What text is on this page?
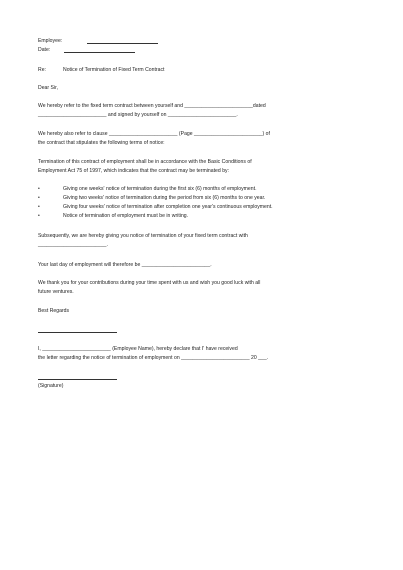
Employee:
Date:
Re:	Notice of Termination of Fixed Term Contract
Dear Sir,
We hereby refer to the fixed term contract between yourself and ________________________dated
________________________ and signed by yourself on ________________________.
We hereby also refer to clause ________________________ (Page ________________________) of
the contract that stipulates the following terms of notice:
Termination of this contract of employment shall be in accordance with the Basic Conditions of
Employment Act 75 of 1997, which indicates that the contract may be terminated by:
•	Giving one weeks' notice of termination during the first six (6) months of employment.
•	Giving two weeks' notice of termination during the period from six (6) months to one year.
•	Giving four weeks' notice of termination after completion one year's continuous employment.
•	Notice of termination of employment must be in writing.
Subsequently, we are hereby giving you notice of termination of your fixed term contract with
________________________.
Your last day of employment will therefore be ________________________.
We thank you for your contributions during your time spent with us and wish you good luck with all
future ventures.
Best Regards
I, ________________________ (Employee Name), hereby declare that I' have received
the letter regarding the notice of termination of employment on ________________________ 20 ___.
(Signature)
